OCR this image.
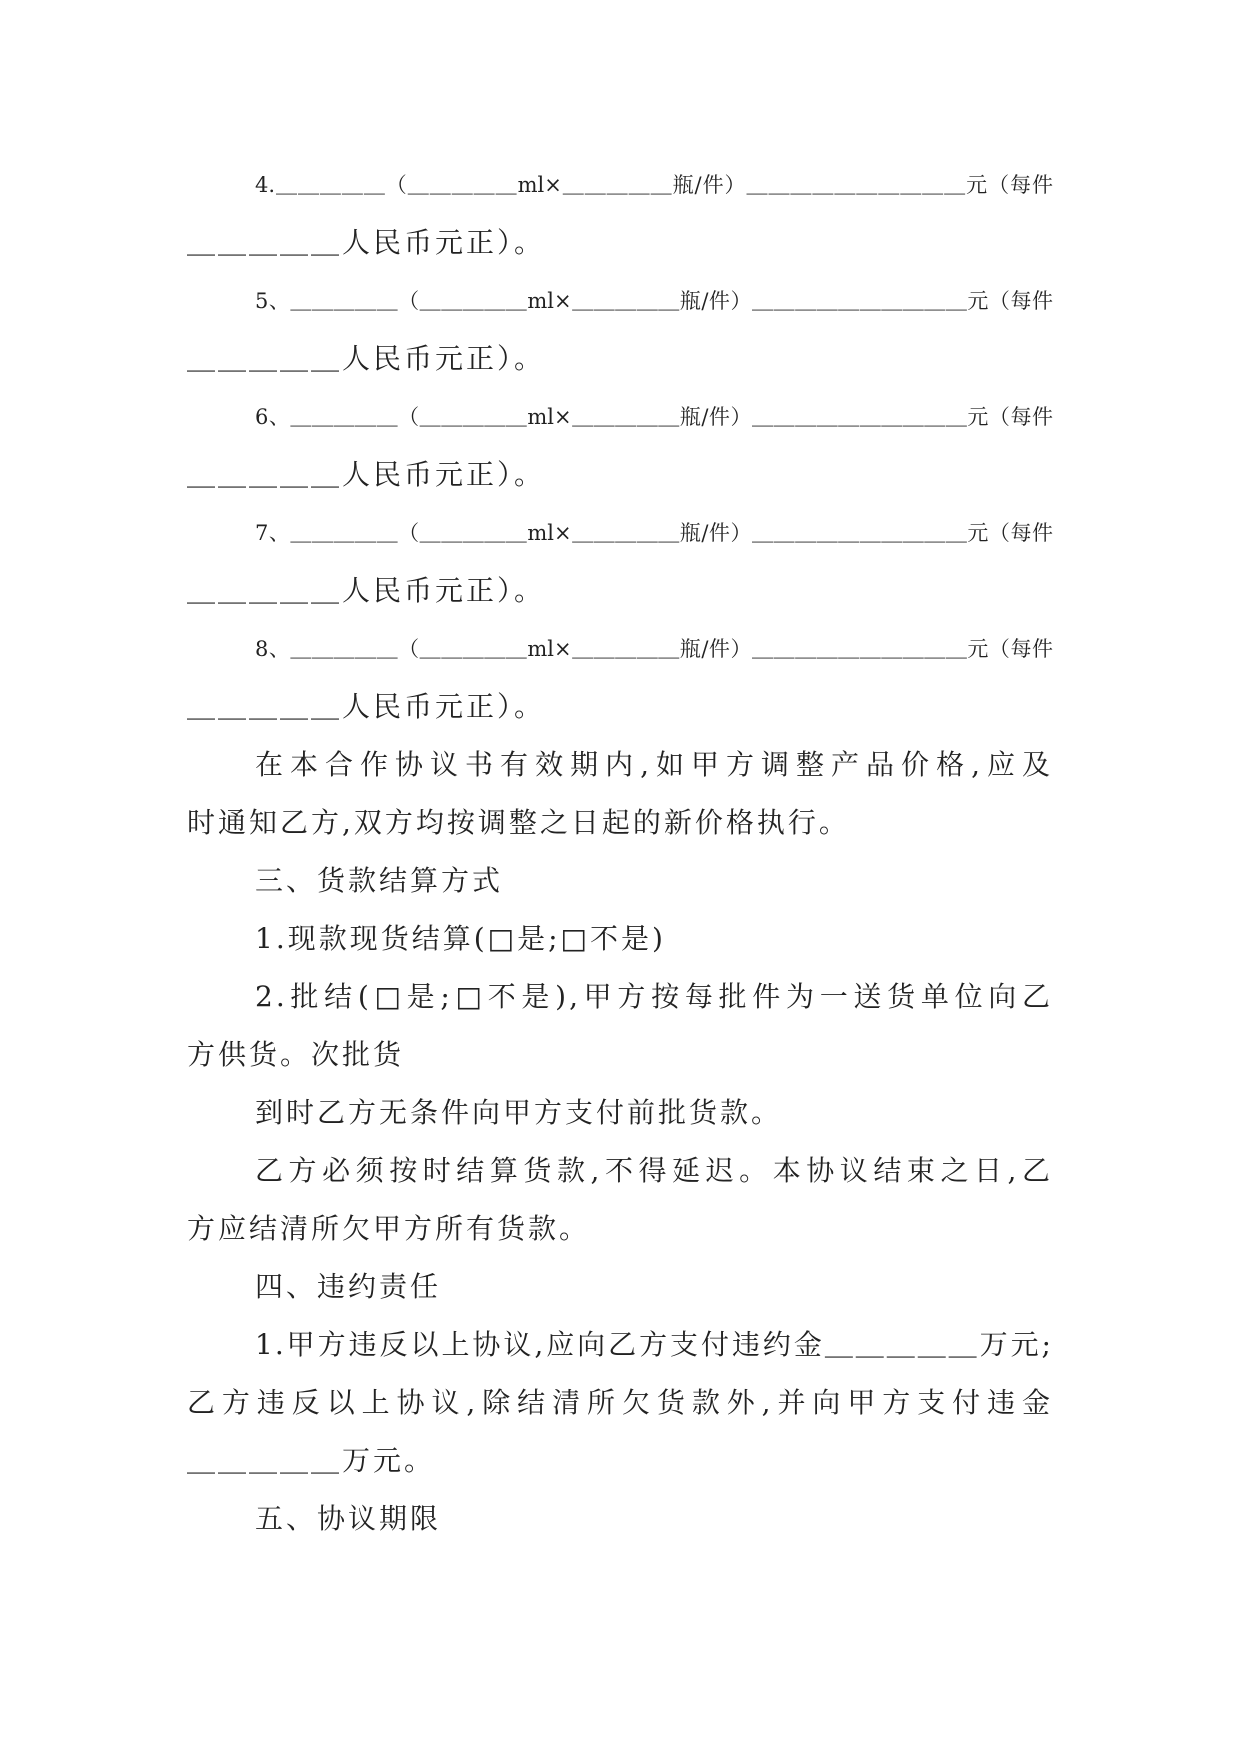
4.＿＿＿＿＿（＿＿＿＿＿ml×＿＿＿＿＿瓶/件）＿＿＿＿＿＿＿＿＿＿元（每件
＿＿＿＿＿人民币元正）。
5、＿＿＿＿＿（＿＿＿＿＿ml×＿＿＿＿＿瓶/件）＿＿＿＿＿＿＿＿＿＿元（每件
＿＿＿＿＿人民币元正）。
6、＿＿＿＿＿（＿＿＿＿＿ml×＿＿＿＿＿瓶/件）＿＿＿＿＿＿＿＿＿＿元（每件
＿＿＿＿＿人民币元正）。
7、＿＿＿＿＿（＿＿＿＿＿ml×＿＿＿＿＿瓶/件）＿＿＿＿＿＿＿＿＿＿元（每件
＿＿＿＿＿人民币元正）。
8、＿＿＿＿＿（＿＿＿＿＿ml×＿＿＿＿＿瓶/件）＿＿＿＿＿＿＿＿＿＿元（每件
＿＿＿＿＿人民币元正）。
在本合作协议书有效期内,如甲方调整产品价格,应及
时通知乙方,双方均按调整之日起的新价格执行。
三、货款结算方式
1.现款现货结算(□是;□不是)
2.批结(□是;□不是),甲方按每批件为一送货单位向乙
方供货。次批货
到时乙方无条件向甲方支付前批货款。
乙方必须按时结算货款,不得延迟。本协议结束之日,乙
方应结清所欠甲方所有货款。
四、违约责任
1.甲方违反以上协议,应向乙方支付违约金＿＿＿＿＿万元;
乙方违反以上协议,除结清所欠货款外,并向甲方支付违金
＿＿＿＿＿万元。
五、协议期限
